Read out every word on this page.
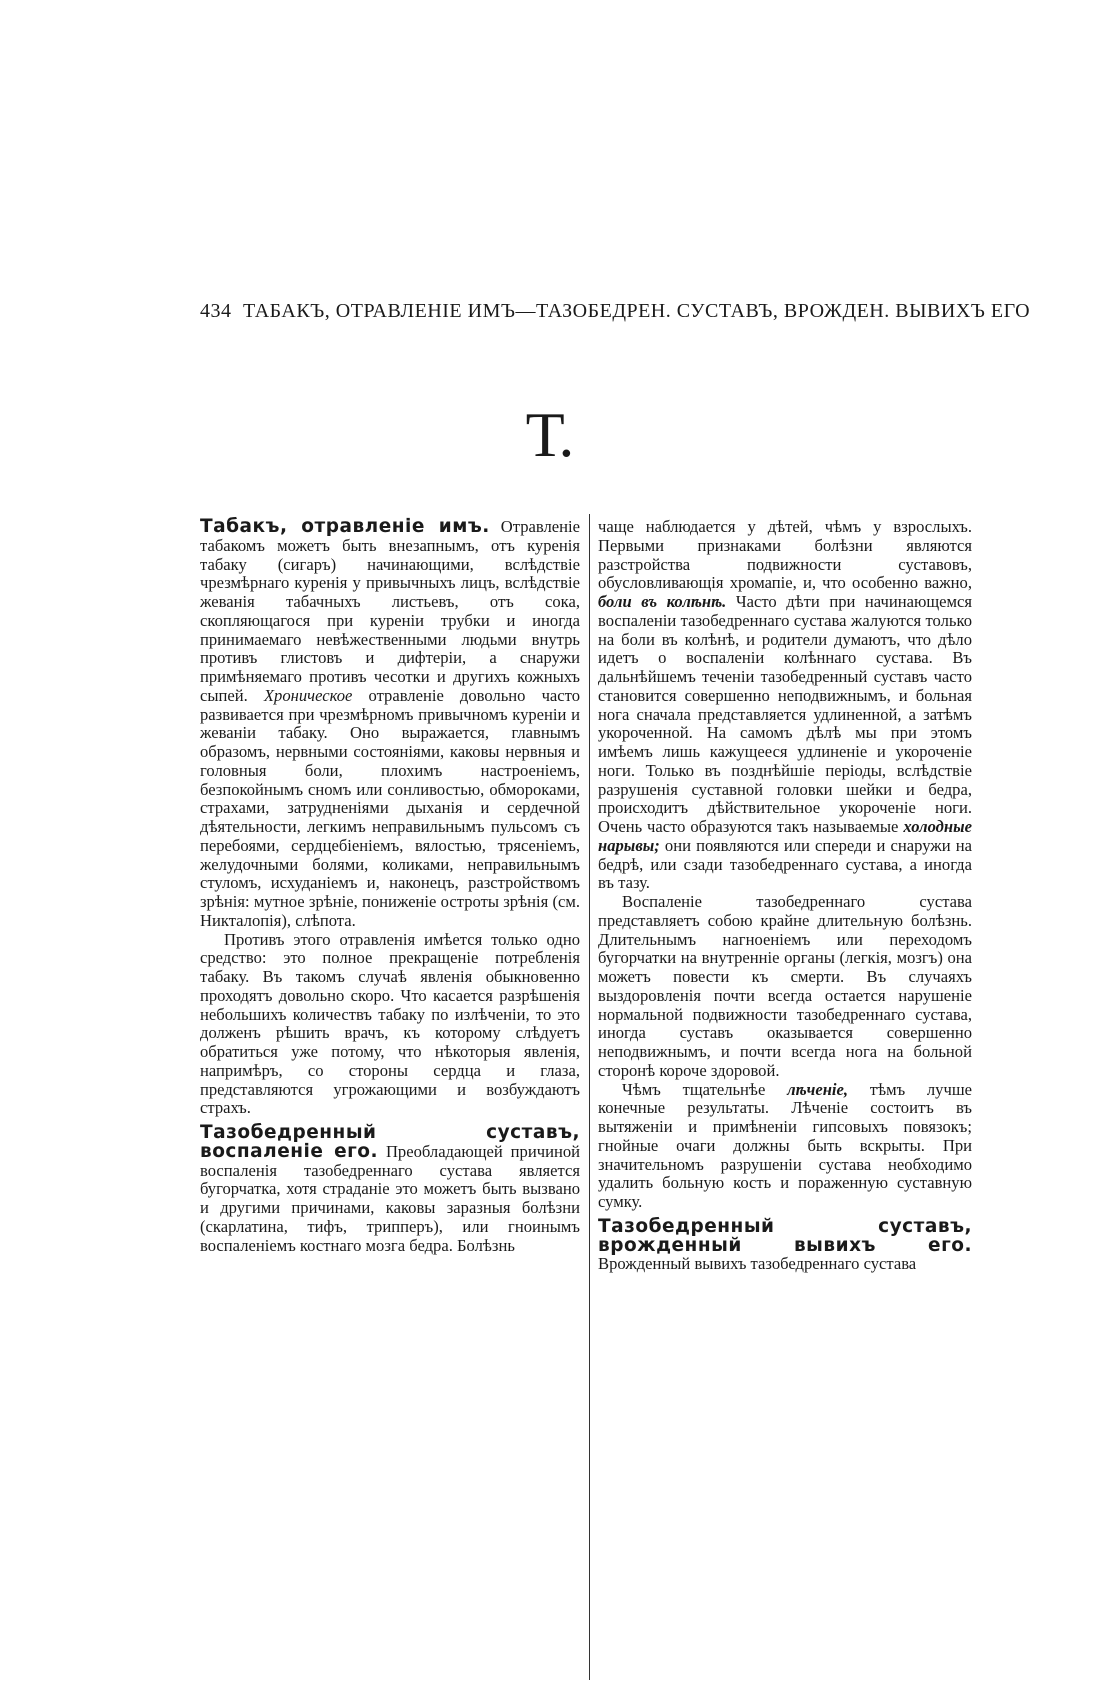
434 ТАБАКЪ, ОТРАВЛЕНІЕ ИМЪ—ТАЗОБЕДРЕН. СУСТАВЪ, ВРОЖДЕН. ВЫВИХЪ ЕГО
Т.

Табакъ, отравленіе имъ. Отравленіе табакомъ можетъ быть внезапнымъ, отъ куренія табаку (сигаръ) начинающими, вслѣдствіе чрезмѣрнаго куренія у привычныхъ лицъ, вслѣдствіе жеванія табачныхъ листьевъ, отъ сока, скопляющагося при куреніи трубки и иногда принимаемаго невѣжественными людьми внутрь противъ глистовъ и дифтеріи, а снаружи примѣняемаго противъ чесотки и другихъ кожныхъ сыпей. Хроническое отравленіе довольно часто развивается при чрезмѣрномъ привычномъ куреніи и жеваніи табаку. Оно выражается, главнымъ образомъ, нервными состояніями, каковы нервныя и головныя боли, плохимъ настроеніемъ, безпокойнымъ сномъ или сонливостью, обмороками, страхами, затрудненіями дыханія и сердечной дѣятельности, легкимъ неправильнымъ пульсомъ съ перебоями, сердцебіеніемъ, вялостью, трясеніемъ, желудочными болями, коликами, неправильнымъ стуломъ, исхуданіемъ и, наконецъ, разстройствомъ зрѣнія: мутное зрѣніе, пониженіе остроты зрѣнія (см. Никталопія), слѣпота.

Противъ этого отравленія имѣется только одно средство: это полное прекращеніе потребленія табаку. Въ такомъ случаѣ явленія обыкновенно проходятъ довольно скоро. Что касается разрѣшенія небольшихъ количествъ табаку по излѣченіи, то это долженъ рѣшить врачъ, къ которому слѣдуетъ обратиться уже потому, что нѣкоторыя явленія, напримѣръ, со стороны сердца и глаза, представляются угрожающими и возбуждаютъ страхъ.

Тазобедренный суставъ, воспаленіе его. Преобладающей причиной воспаленія тазобедреннаго сустава является бугорчатка, хотя страданіе это можетъ быть вызвано и другими причинами, каковы заразныя болѣзни (скарлатина, тифъ, трипперъ), или гноинымъ воспаленіемъ костнаго мозга бедра. Болѣзнь

чаще наблюдается у дѣтей, чѣмъ у взрослыхъ. Первыми признаками болѣзни являются разстройства подвижности суставовъ, обусловливающія хромапіе, и, что особенно важно, боли въ колѣнѣ. Часто дѣти при начинающемся воспаленіи тазобедреннаго сустава жалуются только на боли въ колѣнѣ, и родители думаютъ, что дѣло идетъ о воспаленіи колѣннаго сустава. Въ дальнѣйшемъ теченіи тазобедренный суставъ часто становится совершенно неподвижнымъ, и больная нога сначала представляется удлиненной, а затѣмъ укороченной. На самомъ дѣлѣ мы при этомъ имѣемъ лишь кажущееся удлиненіе и укороченіе ноги. Только въ позднѣйшіе періоды, вслѣдствіе разрушенія суставной головки шейки и бедра, происходитъ дѣйствительное укороченіе ноги. Очень часто образуются такъ называемые холодные нарывы; они появляются или спереди и снаружи на бедрѣ, или сзади тазобедреннаго сустава, а иногда въ тазу.

Воспаленіе тазобедреннаго сустава представляетъ собою крайне длительную болѣзнь. Длительнымъ нагноеніемъ или переходомъ бугорчатки на внутренніе органы (легкія, мозгъ) она можетъ повести къ смерти. Въ случаяхъ выздоровленія почти всегда остается нарушеніе нормальной подвижности тазобедреннаго сустава, иногда суставъ оказывается совершенно неподвижнымъ, и почти всегда нога на больной сторонѣ короче здоровой.

Чѣмъ тщательнѣе лѣченіе, тѣмъ лучше конечные результаты. Лѣченіе состоитъ въ вытяженіи и примѣненіи гипсовыхъ повязокъ; гнойные очаги должны быть вскрыты. При значительномъ разрушеніи сустава необходимо удалить больную кость и пораженную суставную сумку.

Тазобедренный суставъ, врожденный вывихъ его. Врожденный вывихъ тазобедреннаго сустава
